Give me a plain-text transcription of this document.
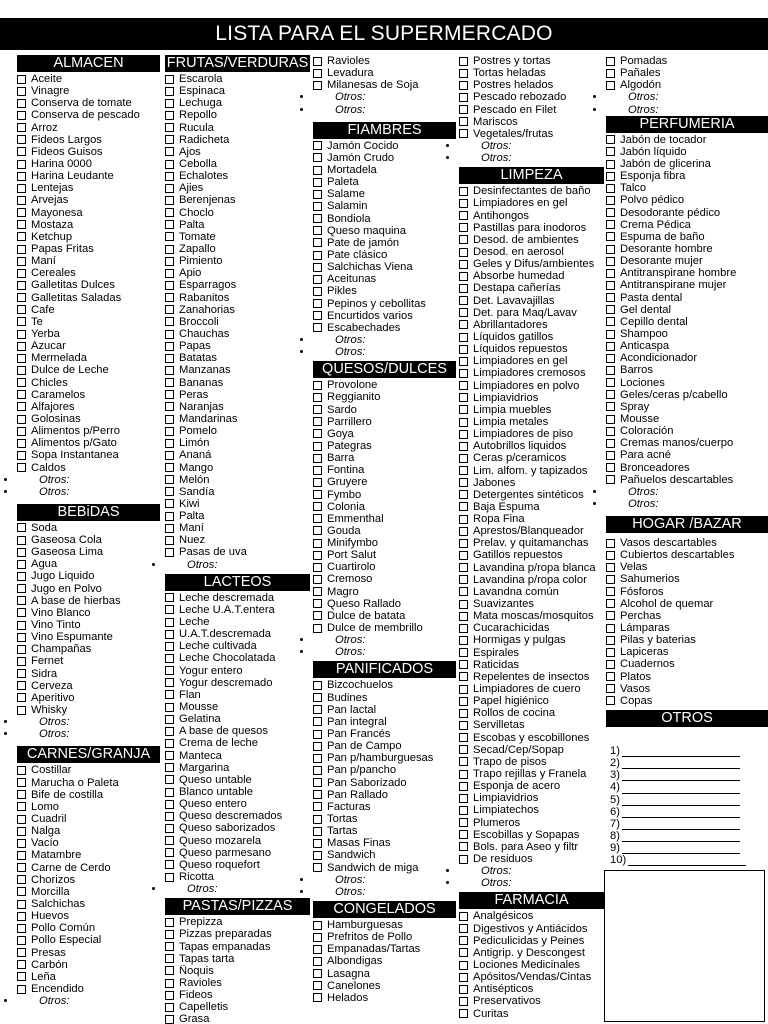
LISTA PARA EL SUPERMERCADO
ALMACEN
Aceite
Vinagre
Conserva de tomate
Conserva de pescado
Arroz
Fideos Largos
Fideos Guisos
Harina 0000
Harina Leudante
Lentejas
Arvejas
Mayonesa
Mostaza
Ketchup
Papas Fritas
Maní
Cereales
Galletitas Dulces
Galletitas Saladas
Cafe
Te
Yerba
Azucar
Mermelada
Dulce de Leche
Chicles
Caramelos
Alfajores
Golosinas
Alimentos p/Perro
Alimentos p/Gato
Sopa Instantanea
Caldos
• Otros:
• Otros:
BEBiDAS
Soda
Gaseosa Cola
Gaseosa Lima
Agua
Jugo Liquido
Jugo en Polvo
A base de hierbas
Vino Blanco
Vino Tinto
Vino Espumante
Champañas
Fernet
Sidra
Cerveza
Aperitivo
Whisky
• Otros:
• Otros:
CARNES/GRANJA
Costillar
Marucha o Paleta
Bife de costilla
Lomo
Cuadril
Nalga
Vacío
Matambre
Carne de Cerdo
Chorizos
Morcilla
Salchichas
Huevos
Pollo Común
Pollo Especial
Presas
Carbón
Leña
Encendido
• Otros:
FRUTAS/VERDURAS
Escarola
Espinaca
Lechuga
Repollo
Rucula
Radicheta
Ajos
Cebolla
Echalotes
Ajies
Berenjenas
Choclo
Palta
Tomate
Zapallo
Pimiento
Apio
Esparragos
Rabanitos
Zanahorias
Broccoli
Chauchas
Papas
Batatas
Manzanas
Bananas
Peras
Naranjas
Mandarinas
Pomelo
Limón
Ananá
Mango
Melón
Sandía
Kiwi
Palta
Maní
Nuez
Pasas de uva
• Otros:
LACTEOS
Leche descremada
Leche U.A.T.entera
Leche
U.A.T.descremada
Leche cultivada
Leche Chocolatada
Yogur entero
Yogur descremado
Flan
Mousse
Gelatina
A base de quesos
Crema de leche
Manteca
Margarina
Queso untable
Blanco untable
Queso entero
Queso descremados
Queso saborizados
Queso mozarela
Queso parmesano
Queso roquefort
Ricotta
• Otros:
PASTAS/PIZZAS
Prepizza
Pizzas preparadas
Tapas empanadas
Tapas tarta
Ñoquis
Ravioles
Fideos
Capelletis
Grasa
Ravioles
Levadura
Milanesas de Soja
• Otros:
• Otros:
FIAMBRES
Jamón Cocido
Jamón Crudo
Mortadela
Paleta
Salame
Salamin
Bondiola
Queso maquina
Pate de jamón
Pate clásico
Salchichas Viena
Aceitunas
Pikles
Pepinos y cebollitas
Encurtidos varios
Escabechades
• Otros:
• Otros:
QUESOS/DULCES
Provolone
Reggianito
Sardo
Parrillero
Goya
Pategras
Barra
Fontina
Gruyere
Fymbo
Colonia
Emmenthal
Gouda
Minifymbo
Port Salut
Cuartirolo
Cremoso
Magro
Queso Rallado
Dulce de batata
Dulce de membrillo
• Otros:
• Otros:
PANIFICADOS
Bizcochuelos
Budines
Pan lactal
Pan integral
Pan Francés
Pan de Campo
Pan p/hamburguesas
Pan p/pancho
Pan Saborizado
Pan Rallado
Facturas
Tortas
Tartas
Masas Finas
Sandwich
Sandwich de miga
• Otros:
• Otros:
CONGELADOS
Hamburguesas
Prefritos de Pollo
Empanadas/Tartas
Albondigas
Lasagna
Canelones
Helados
Postres y tortas
Tortas heladas
Postres helados
Pescado rebozado
Pescado en Filet
Mariscos
Vegetales/frutas
• Otros:
• Otros:
LIMPEZA
Desinfectantes de baño
Limpiadores en gel
Antihongos
Pastillas para inodoros
Desod. de ambientes
Desod. en aerosol
Geles y Difus/ambientes
Absorbe humedad
Destapa cañerías
Det. Lavavajillas
Det. para Maq/Lavav
Abrillantadores
Líquidos gatillos
Líquidos repuestos
Limpiadores en gel
Limpiadores cremosos
Limpiadores en polvo
Limpiavidrios
Limpia muebles
Limpia metales
Limpiadores de piso
Autobrillos liquidos
Ceras p/ceramicos
Lim. alfom. y tapizados
Jabones
Detergentes sintéticos
Baja Espuma
Ropa Fina
Aprestos/Blanqueador
Prelav. y quitamanchas
Gatillos repuestos
Lavandina p/ropa blanca
Lavandina p/ropa color
Lavandna común
Suavizantes
Mata moscas/mosquitos
Cucarachicidas
Hormigas y pulgas
Espirales
Raticidas
Repelentes de insectos
Limpiadores de cuero
Papel higiénico
Rollos de cocina
Servilletas
Escobas y escobillones
Secad/Cep/Sopap
Trapo de pisos
Trapo rejillas y Franela
Esponja de acero
Limpiavidrios
Limpiatechos
Plumeros
Escobillas y Sopapas
Bols. para Aseo y filtr
De residuos
• Otros:
• Otros:
FARMACIA
Analgésicos
Digestivos y Antiácidos
Pediculicidas y Peines
Antigrip. y Descongest
Lociones Medicinales
Apósitos/Vendas/Cintas
Antisépticos
Preservativos
Curitas
Pomadas
Pañales
Algodón
• Otros:
• Otros:
PERFUMERIA
Jabón de tocador
Jabón líquido
Jabón de glicerina
Esponja fibra
Talco
Polvo pédico
Desodorante pédico
Crema Pédica
Espuma de baño
Desorante hombre
Desorante mujer
Antitranspirane hombre
Antitranspirane mujer
Pasta dental
Gel dental
Cepillo dental
Shampoo
Anticaspa
Acondicionador
Barros
Lociones
Geles/ceras p/cabello
Spray
Mousse
Coloración
Cremas manos/cuerpo
Para acné
Bronceadores
Pañuelos descartables
• Otros:
• Otros:
HOGAR /BAZAR
Vasos descartables
Cubiertos descartables
Velas
Sahumerios
Fósforos
Alcohol de quemar
Perchas
Lámparas
Pilas y baterias
Lapiceras
Cuadernos
Platos
Vasos
Copas
OTROS
1)
2)
3)
4)
5)
6)
7)
8)
9)
10)
